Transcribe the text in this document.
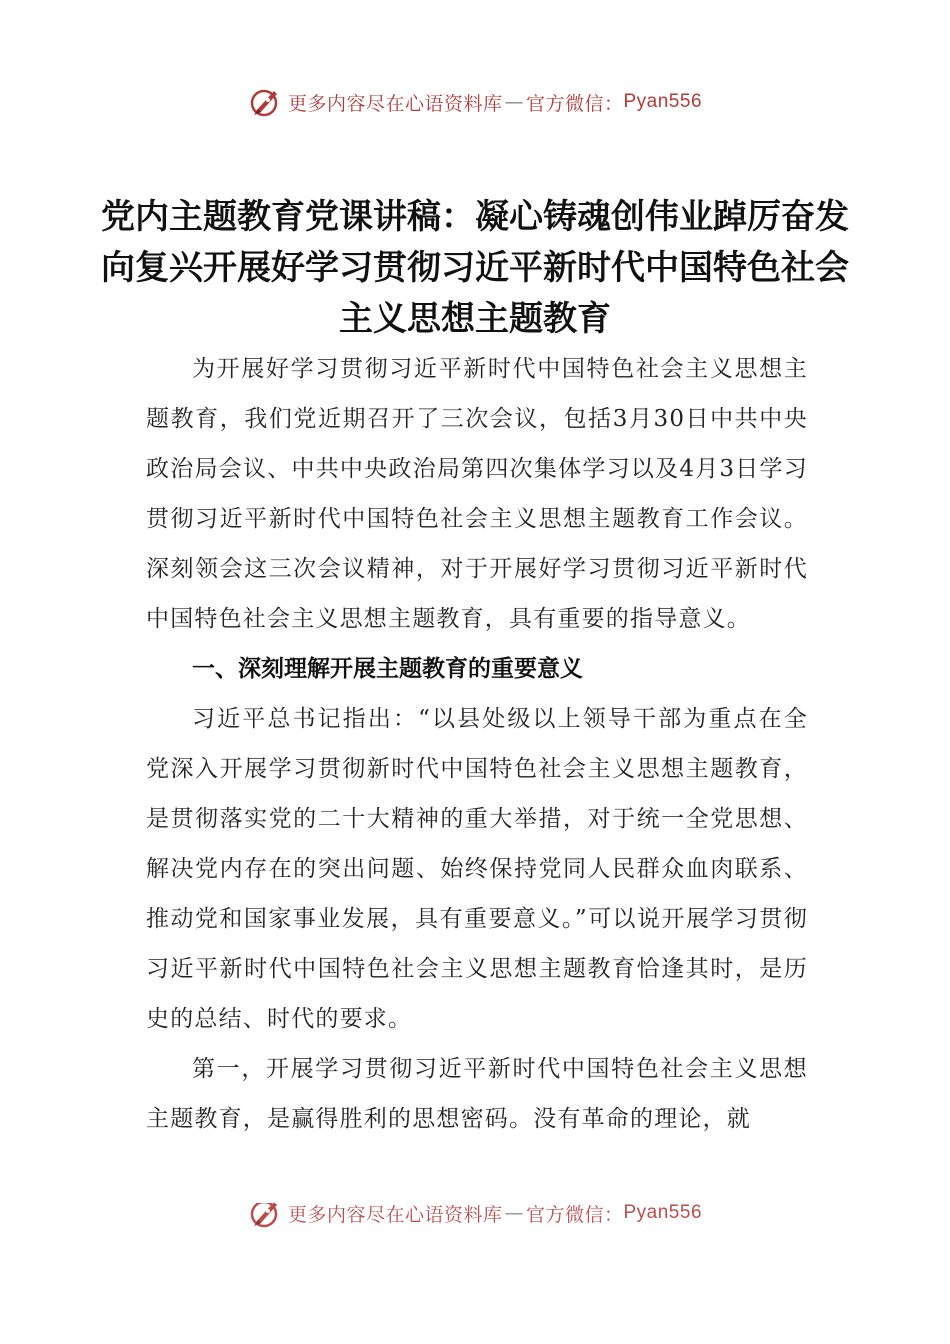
更多内容尽在心语资料库 — 官方微信： Pyan556
党内主题教育党课讲稿：凝心铸魂创伟业踔厉奋发向复兴开展好学习贯彻习近平新时代中国特色社会主义思想主题教育

为开展好学习贯彻习近平新时代中国特色社会主义思想主题教育，我们党近期召开了三次会议，包括3月30日中共中央政治局会议、中共中央政治局第四次集体学习以及4月3日学习贯彻习近平新时代中国特色社会主义思想主题教育工作会议。深刻领会这三次会议精神，对于开展好学习贯彻习近平新时代中国特色社会主义思想主题教育，具有重要的指导意义。

一、深刻理解开展主题教育的重要意义

习近平总书记指出：“以县处级以上领导干部为重点在全党深入开展学习贯彻新时代中国特色社会主义思想主题教育，是贯彻落实党的二十大精神的重大举措，对于统一全党思想、解决党内存在的突出问题、始终保持党同人民群众血肉联系、推动党和国家事业发展，具有重要意义。”可以说开展学习贯彻习近平新时代中国特色社会主义思想主题教育恰逢其时，是历史的总结、时代的要求。

第一，开展学习贯彻习近平新时代中国特色社会主义思想主题教育，是赢得胜利的思想密码。没有革命的理论，就

更多内容尽在心语资料库 — 官方微信： Pyan556
